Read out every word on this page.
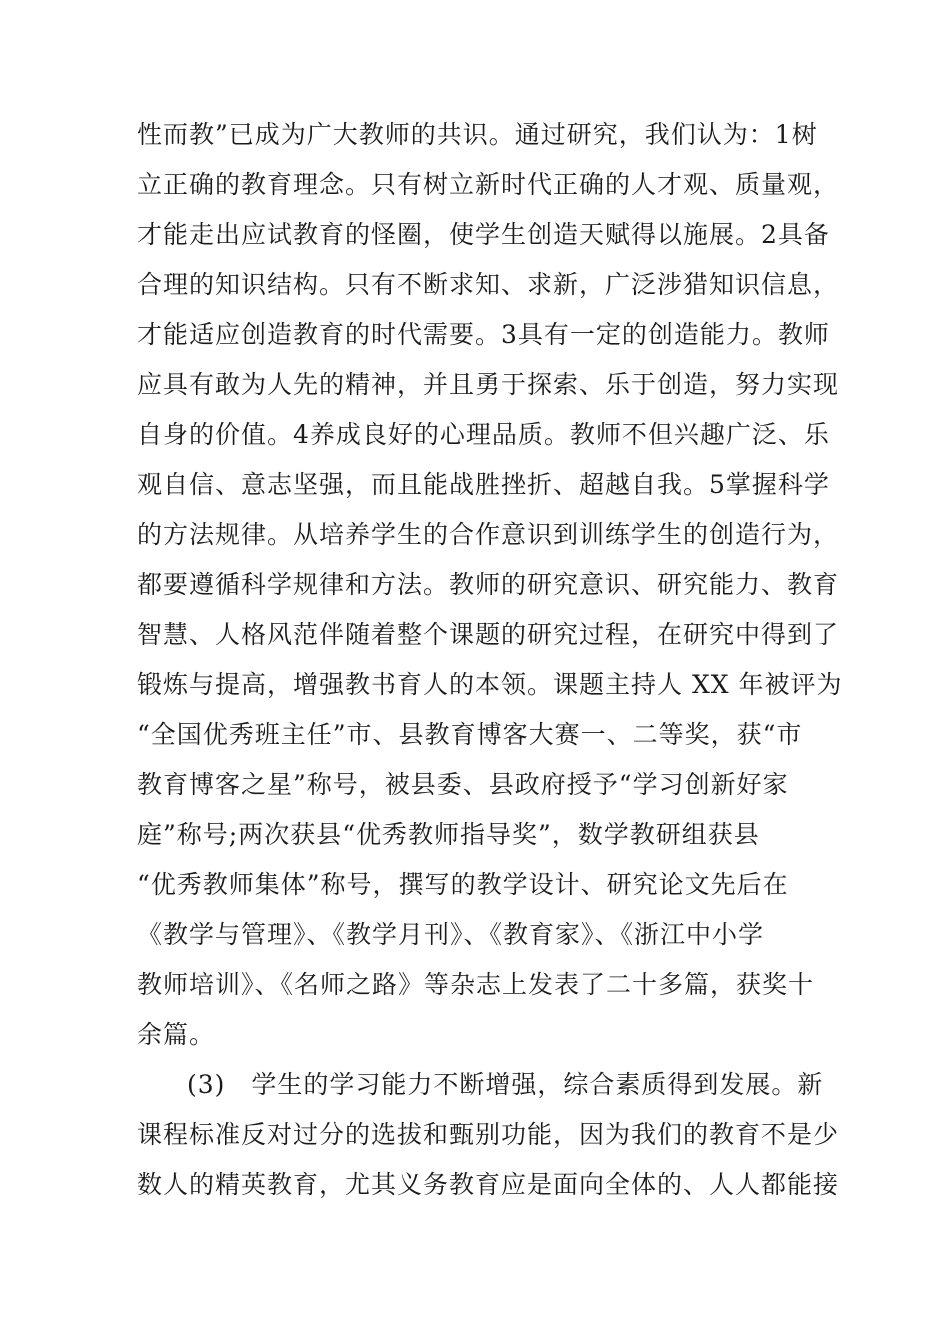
性而教”已成为广大教师的共识。通过研究，我们认为：1树
立正确的教育理念。只有树立新时代正确的人才观、质量观，
才能走出应试教育的怪圈，使学生创造天赋得以施展。2具备
合理的知识结构。只有不断求知、求新，广泛涉猎知识信息，
才能适应创造教育的时代需要。3具有一定的创造能力。教师
应具有敢为人先的精神，并且勇于探索、乐于创造，努力实现
自身的价值。4养成良好的心理品质。教师不但兴趣广泛、乐
观自信、意志坚强，而且能战胜挫折、超越自我。5掌握科学
的方法规律。从培养学生的合作意识到训练学生的创造行为，
都要遵循科学规律和方法。教师的研究意识、研究能力、教育
智慧、人格风范伴随着整个课题的研究过程，在研究中得到了
锻炼与提高，增强教书育人的本领。课题主持人 XX 年被评为
“全国优秀班主任”市、县教育博客大赛一、二等奖，获“市
教育博客之星”称号，被县委、县政府授予“学习创新好家
庭”称号;两次获县“优秀教师指导奖”，数学教研组获县
“优秀教师集体”称号，撰写的教学设计、研究论文先后在
《教学与管理》、《教学月刊》、《教育家》、《浙江中小学
教师培训》、《名师之路》等杂志上发表了二十多篇，获奖十
余篇。
(3)　学生的学习能力不断增强，综合素质得到发展。新
课程标准反对过分的选拔和甄别功能，因为我们的教育不是少
数人的精英教育，尤其义务教育应是面向全体的、人人都能接
